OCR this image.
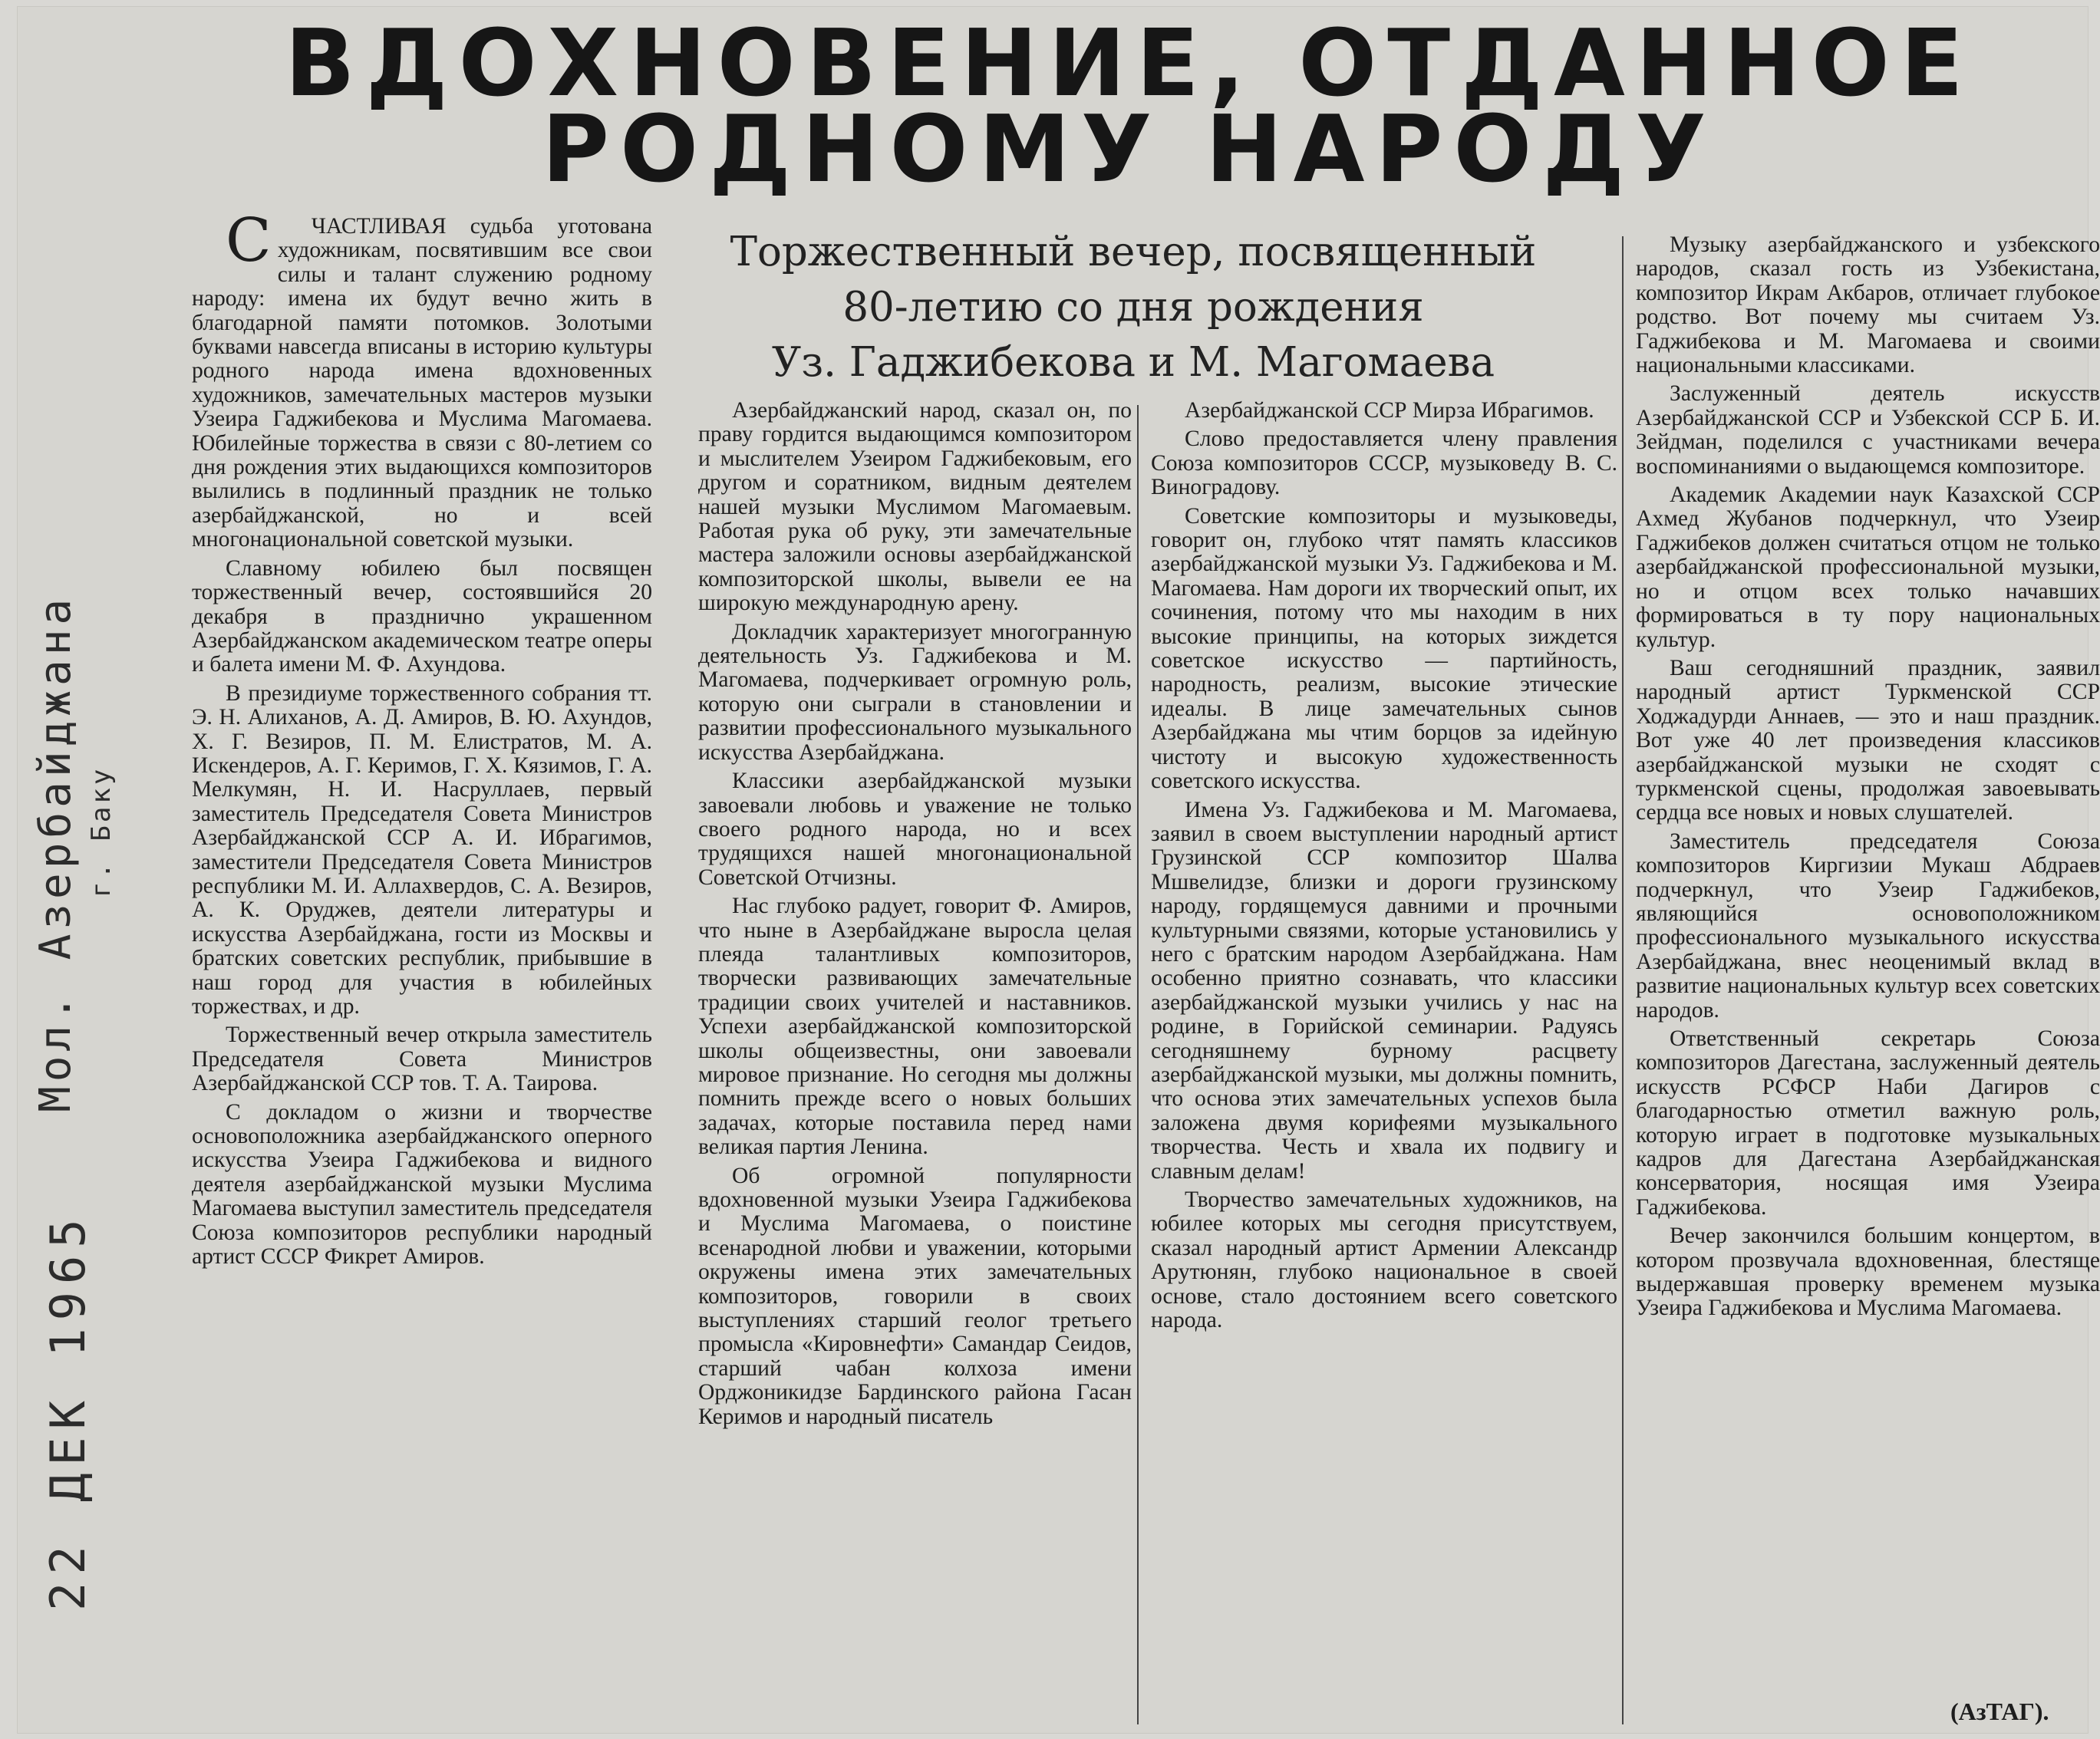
ВДОХНОВЕНИЕ, ОТДАННОЕ
РОДНОМУ НАРОДУ
Торжественный вечер, посвященный
80-летию со дня рождения
Уз. Гаджибекова и М. Магомаева

С ЧАСТЛИВАЯ судьба уготована художникам, посвятившим все свои силы и талант служению родному народу: имена их будут вечно жить в благодарной памяти потомков. Золотыми буквами навсегда вписаны в историю культуры родного народа имена вдохновенных художников, замечательных мастеров музыки Узеира Гаджибекова и Муслима Магомаева. Юбилейные торжества в связи с 80-летием со дня рождения этих выдающихся композиторов вылились в подлинный праздник не только азербайджанской, но и всей многонациональной советской музыки.

Славному юбилею был посвящен торжественный вечер, состоявшийся 20 декабря в празднично украшенном Азербайджанском академическом театре оперы и балета имени М. Ф. Ахундова.

В президиуме торжественного собрания тт. Э. Н. Алиханов, А. Д. Амиров, В. Ю. Ахундов, Х. Г. Везиров, П. М. Елистратов, М. А. Искендеров, А. Г. Керимов, Г. Х. Кязимов, Г. А. Мелкумян, Н. И. Насруллаев, первый заместитель Председателя Совета Министров Азербайджанской ССР А. И. Ибрагимов, заместители Председателя Совета Министров республики М. И. Аллахвердов, С. А. Везиров, А. К. Оруджев, деятели литературы и искусства Азербайджана, гости из Москвы и братских советских республик, прибывшие в наш город для участия в юбилейных торжествах, и др.

Торжественный вечер открыла заместитель Председателя Совета Министров Азербайджанской ССР тов. Т. А. Таирова.

С докладом о жизни и творчестве основоположника азербайджанского оперного искусства Узеира Гаджибекова и видного деятеля азербайджанской музыки Муслима Магомаева выступил заместитель председателя Союза композиторов республики народный артист СССР Фикрет Амиров.

Азербайджанский народ, сказал он, по праву гордится выдающимся композитором и мыслителем Узеиром Гаджибековым, его другом и соратником, видным деятелем нашей музыки Муслимом Магомаевым. Работая рука об руку, эти замечательные мастера заложили основы азербайджанской композиторской школы, вывели ее на широкую международную арену.

Докладчик характеризует многогранную деятельность Уз. Гаджибекова и М. Магомаева, подчеркивает огромную роль, которую они сыграли в становлении и развитии профессионального музыкального искусства Азербайджана.

Классики азербайджанской музыки завоевали любовь и уважение не только своего родного народа, но и всех трудящихся нашей многонациональной Советской Отчизны.

Нас глубоко радует, говорит Ф. Амиров, что ныне в Азербайджане выросла целая плеяда талантливых композиторов, творчески развивающих замечательные традиции своих учителей и наставников. Успехи азербайджанской композиторской школы общеизвестны, они завоевали мировое признание. Но сегодня мы должны помнить прежде всего о новых больших задачах, которые поставила перед нами великая партия Ленина.

Об огромной популярности вдохновенной музыки Узеира Гаджибекова и Муслима Магомаева, о поистине всенародной любви и уважении, которыми окружены имена этих замечательных композиторов, говорили в своих выступлениях старший геолог третьего промысла «Кировнефти» Самандар Сеидов, старший чабан колхоза имени Орджоникидзе Бардинского района Гасан Керимов и народный писатель

Азербайджанской ССР Мирза Ибрагимов.

Слово предоставляется члену правления Союза композиторов СССР, музыковеду В. С. Виноградову.

Советские композиторы и музыковеды, говорит он, глубоко чтят память классиков азербайджанской музыки Уз. Гаджибекова и М. Магомаева. Нам дороги их творческий опыт, их сочинения, потому что мы находим в них высокие принципы, на которых зиждется советское искусство — партийность, народность, реализм, высокие этические идеалы. В лице замечательных сынов Азербайджана мы чтим борцов за идейную чистоту и высокую художественность советского искусства.

Имена Уз. Гаджибекова и М. Магомаева, заявил в своем выступлении народный артист Грузинской ССР композитор Шалва Мшвелидзе, близки и дороги грузинскому народу, гордящемуся давними и прочными культурными связями, которые установились у него с братским народом Азербайджана. Нам особенно приятно сознавать, что классики азербайджанской музыки учились у нас на родине, в Горийской семинарии. Радуясь сегодняшнему бурному расцвету азербайджанской музыки, мы должны помнить, что основа этих замечательных успехов была заложена двумя корифеями музыкального творчества. Честь и хвала их подвигу и славным делам!

Творчество замечательных художников, на юбилее которых мы сегодня присутствуем, сказал народный артист Армении Александр Арутюнян, глубоко национальное в своей основе, стало достоянием всего советского народа.

Музыку азербайджанского и узбекского народов, сказал гость из Узбекистана, композитор Икрам Акбаров, отличает глубокое родство. Вот почему мы считаем Уз. Гаджибекова и М. Магомаева и своими национальными классиками.

Заслуженный деятель искусств Азербайджанской ССР и Узбекской ССР Б. И. Зейдман, поделился с участниками вечера воспоминаниями о выдающемся композиторе.

Академик Академии наук Казахской ССР Ахмед Жубанов подчеркнул, что Узеир Гаджибеков должен считаться отцом не только азербайджанской профессиональной музыки, но и отцом всех только начавших формироваться в ту пору национальных культур.

Ваш сегодняшний праздник, заявил народный артист Туркменской ССР Ходжадурди Аннаев, — это и наш праздник. Вот уже 40 лет произведения классиков азербайджанской музыки не сходят с туркменской сцены, продолжая завоевывать сердца все новых и новых слушателей.

Заместитель председателя Союза композиторов Киргизии Мукаш Абдраев подчеркнул, что Узеир Гаджибеков, являющийся основоположником профессионального музыкального искусства Азербайджана, внес неоценимый вклад в развитие национальных культур всех советских народов.

Ответственный секретарь Союза композиторов Дагестана, заслуженный деятель искусств РСФСР Наби Дагиров с благодарностью отметил важную роль, которую играет в подготовке музыкальных кадров для Дагестана Азербайджанская консерватория, носящая имя Узеира Гаджибекова.

Вечер закончился большим концертом, в котором прозвучала вдохновенная, блестяще выдержавшая проверку временем музыка Узеира Гаджибекова и Муслима Магомаева.

(АзТАГ).
22 ДЕК 1965
Мол. Азербайджана г. Баку
